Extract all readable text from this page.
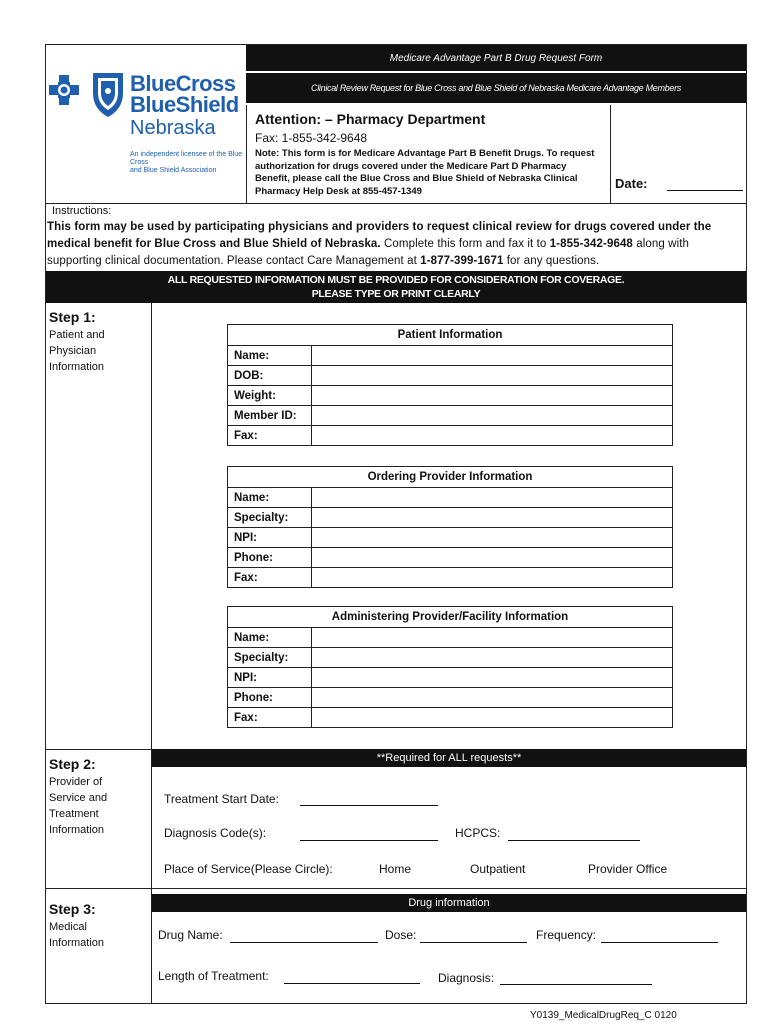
BlueCross
BlueShield
Nebraska
An independent licensee of the Blue Cross
and Blue Shield Association
Medicare Advantage Part B Drug Request Form
Clinical Review Request for Blue Cross and Blue Shield of Nebraska Medicare Advantage Members
Attention: – Pharmacy Department
Fax: 1-855-342-9648
Note: This form is for Medicare Advantage Part B Benefit Drugs. To request authorization for drugs covered under the Medicare Part D Pharmacy Benefit, please call the Blue Cross and Blue Shield of Nebraska Clinical Pharmacy Help Desk at 855-457-1349	Date:
Instructions:
This form may be used by participating physicians and providers to request clinical review for drugs covered under the medical benefit for Blue Cross and Blue Shield of Nebraska. Complete this form and fax it to 1-855-342-9648 along with supporting clinical documentation. Please contact Care Management at 1-877-399-1671 for any questions.
ALL REQUESTED INFORMATION MUST BE PROVIDED FOR CONSIDERATION FOR COVERAGE.
PLEASE TYPE OR PRINT CLEARLY
Step 1:
Patient and
Physician
Information
Patient Information	
Name:	
DOB:	
Weight:	
Member ID:	
Fax:	
Ordering Provider Information	
Name:	
Specialty:	
NPI:	
Phone:	
Fax:	
Administering Provider/Facility Information	
Name:	
Specialty:	
NPI:	
Phone:	
Fax:	
Step 2:
Provider of
Service and
Treatment
Information
**Required for ALL requests**
Treatment Start Date:
Diagnosis Code(s):	HCPCS:
Place of Service(Please Circle):	Home	Outpatient	Provider Office
Step 3:
Medical
Information
Drug information
Drug Name:	Dose:	Frequency:
Length of Treatment:	Diagnosis:
Y0139_MedicalDrugReq_C 0120
